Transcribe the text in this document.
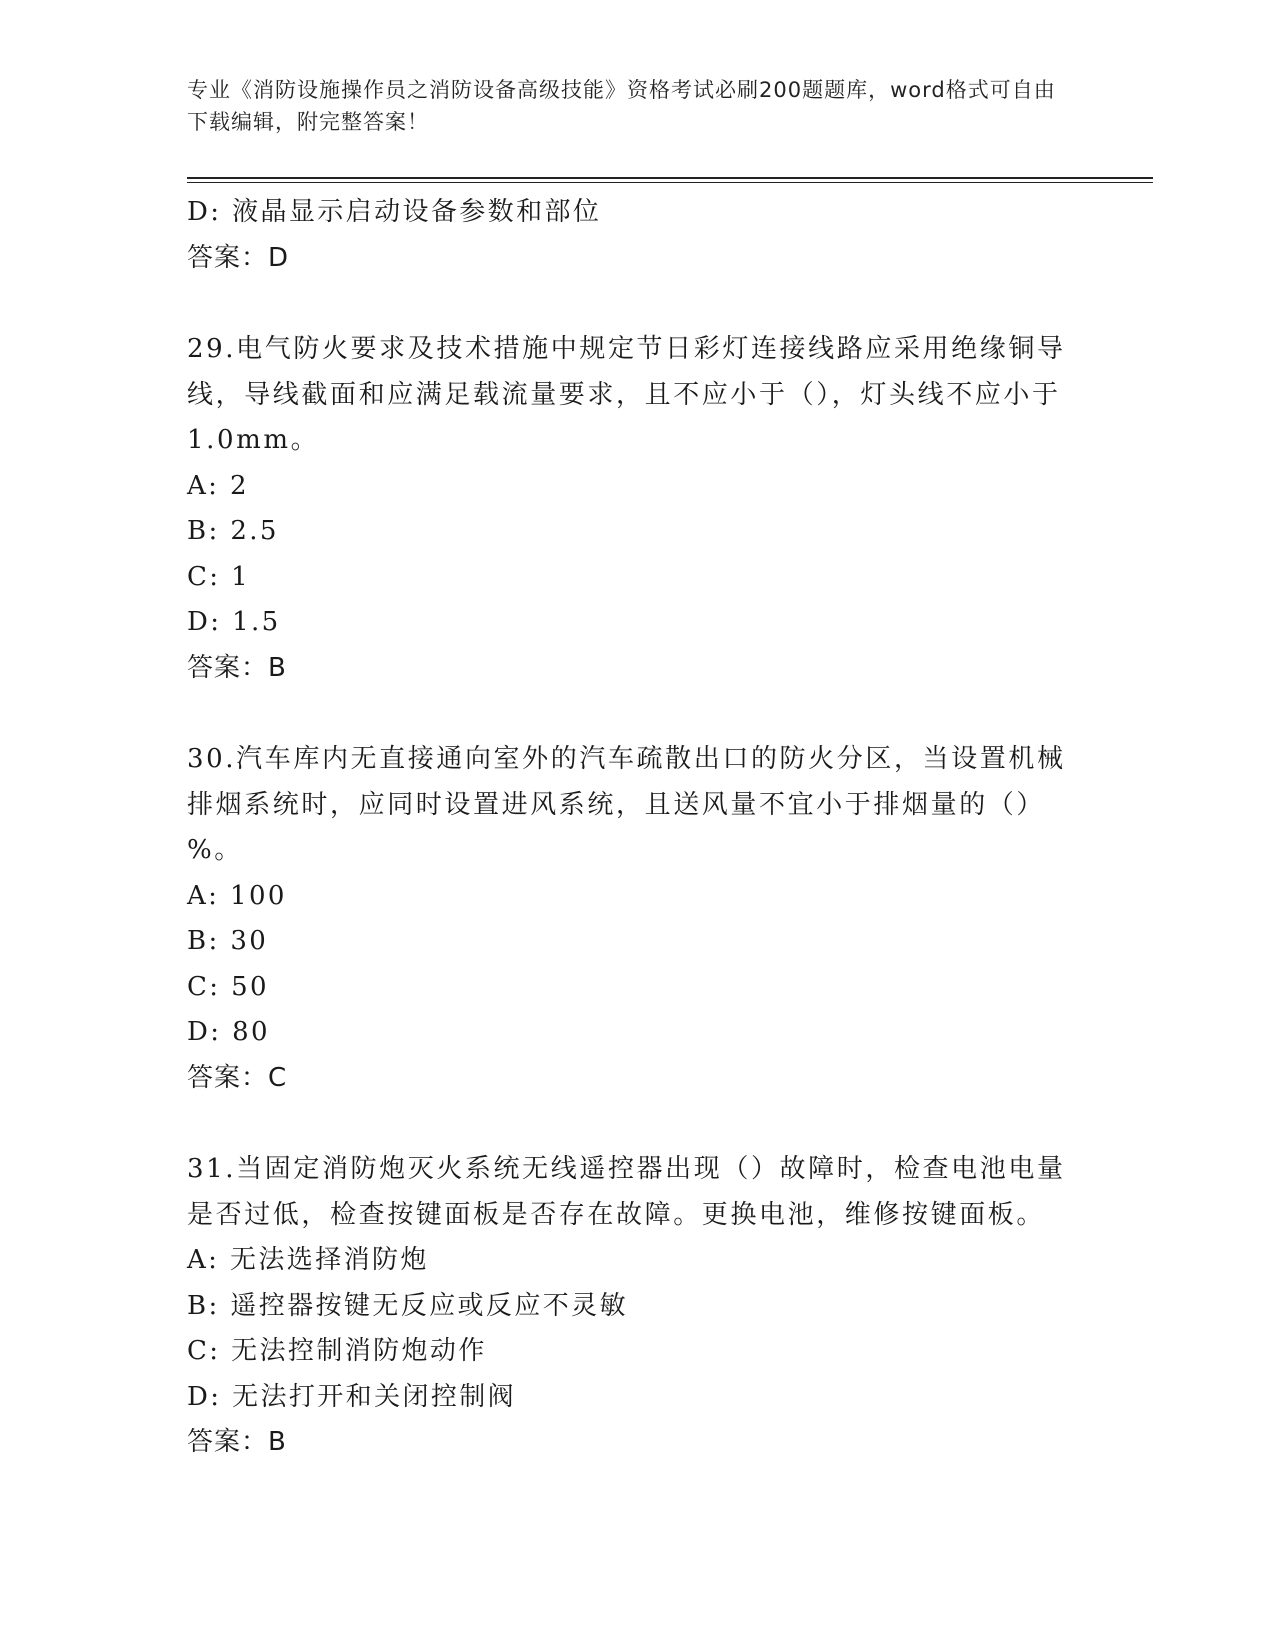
专业《消防设施操作员之消防设备高级技能》资格考试必刷200题题库，word格式可自由下载编辑，附完整答案！

D: 液晶显示启动设备参数和部位

答案：D

29.电气防火要求及技术措施中规定节日彩灯连接线路应采用绝缘铜导线，导线截面和应满足载流量要求，且不应小于（），灯头线不应小于1.0mm。

A: 2

B: 2.5

C: 1

D: 1.5

答案：B

30.汽车库内无直接通向室外的汽车疏散出口的防火分区，当设置机械排烟系统时，应同时设置进风系统，且送风量不宜小于排烟量的（）%。

A: 100

B: 30

C: 50

D: 80

答案：C

31.当固定消防炮灭火系统无线遥控器出现（）故障时，检查电池电量是否过低，检查按键面板是否存在故障。更换电池，维修按键面板。

A: 无法选择消防炮

B: 遥控器按键无反应或反应不灵敏

C: 无法控制消防炮动作

D: 无法打开和关闭控制阀

答案：B
